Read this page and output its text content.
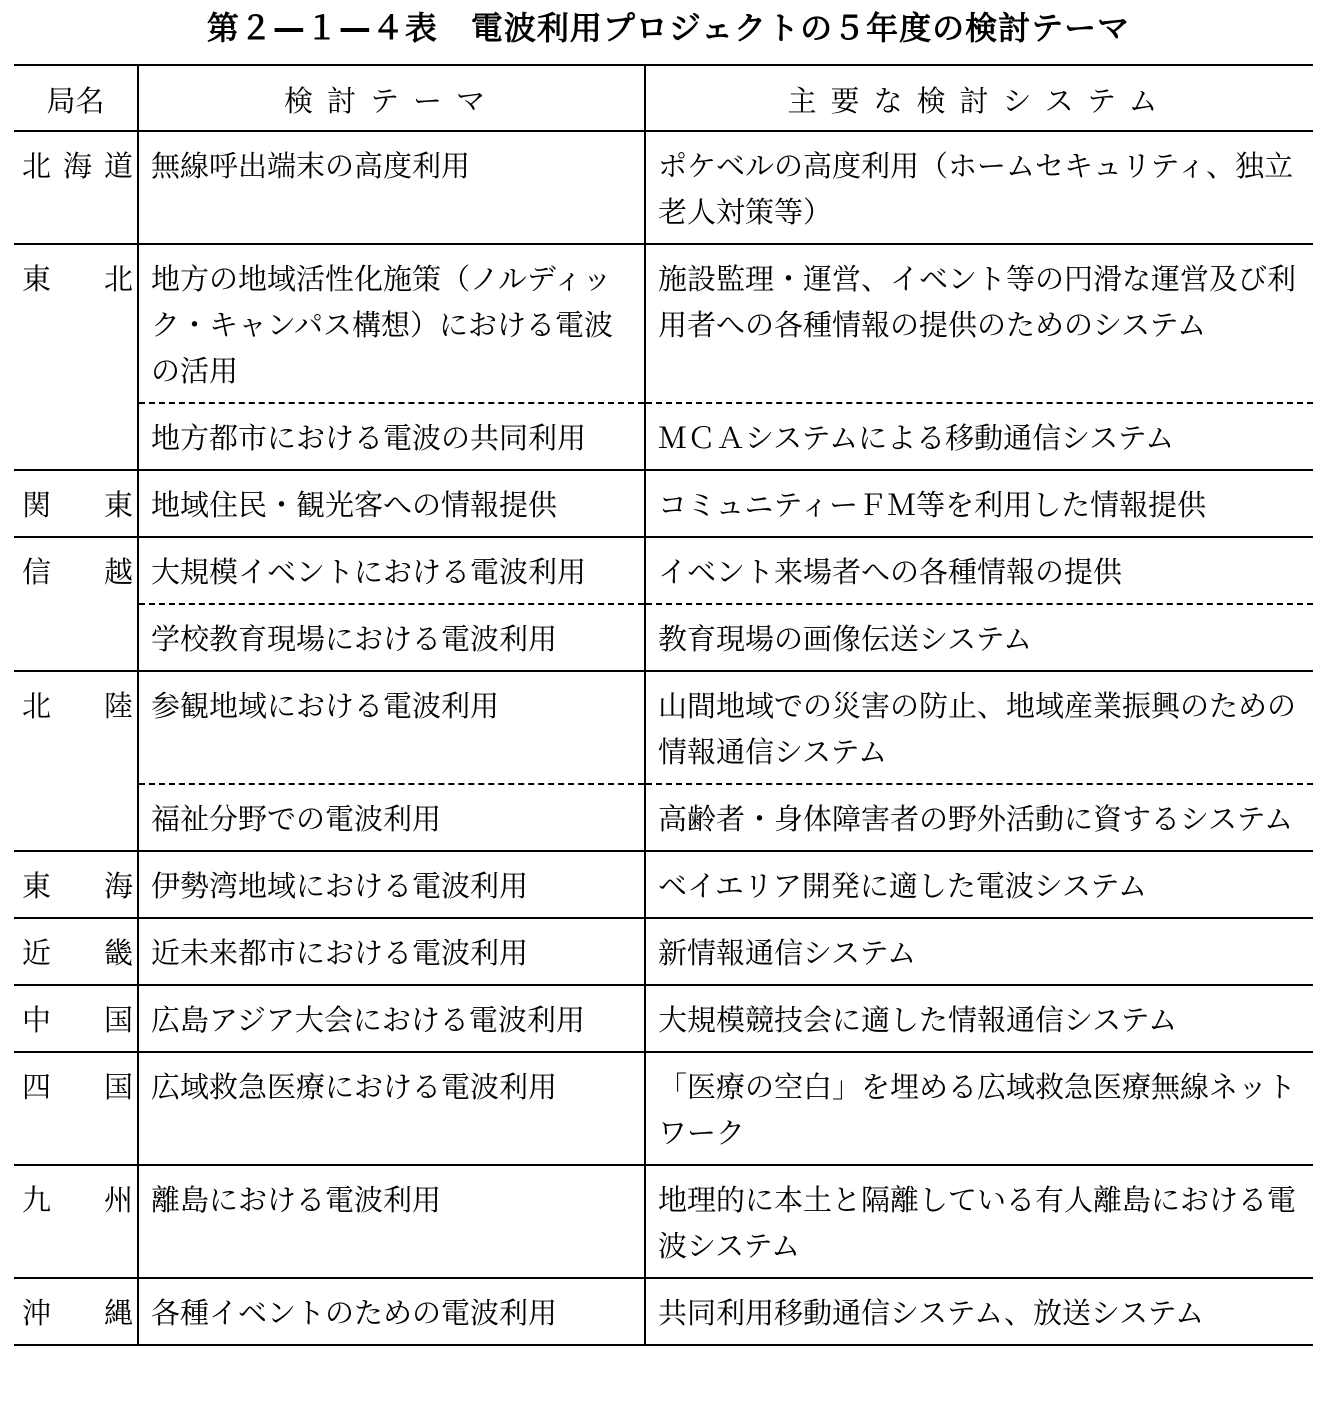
第２—１—４表　電波利用プロジェクトの５年度の検討テーマ
局名	検討テーマ	主要な検討システム
北海道	無線呼出端末の高度利用	ポケベルの高度利用（ホームセキュリティ、独立老人対策等）
東北	地方の地域活性化施策（ノルディック・キャンパス構想）における電波の活用	施設監理・運営、イベント等の円滑な運営及び利用者への各種情報の提供のためのシステム
	地方都市における電波の共同利用	ＭＣＡシステムによる移動通信システム
関東	地域住民・観光客への情報提供	コミュニティーＦＭ等を利用した情報提供
信越	大規模イベントにおける電波利用	イベント来場者への各種情報の提供
	学校教育現場における電波利用	教育現場の画像伝送システム
北陸	参観地域における電波利用	山間地域での災害の防止、地域産業振興のための情報通信システム
	福祉分野での電波利用	高齢者・身体障害者の野外活動に資するシステム
東海	伊勢湾地域における電波利用	ベイエリア開発に適した電波システム
近畿	近未来都市における電波利用	新情報通信システム
中国	広島アジア大会における電波利用	大規模競技会に適した情報通信システム
四国	広域救急医療における電波利用	「医療の空白」を埋める広域救急医療無線ネットワーク
九州	離島における電波利用	地理的に本土と隔離している有人離島における電波システム
沖縄	各種イベントのための電波利用	共同利用移動通信システム、放送システム
